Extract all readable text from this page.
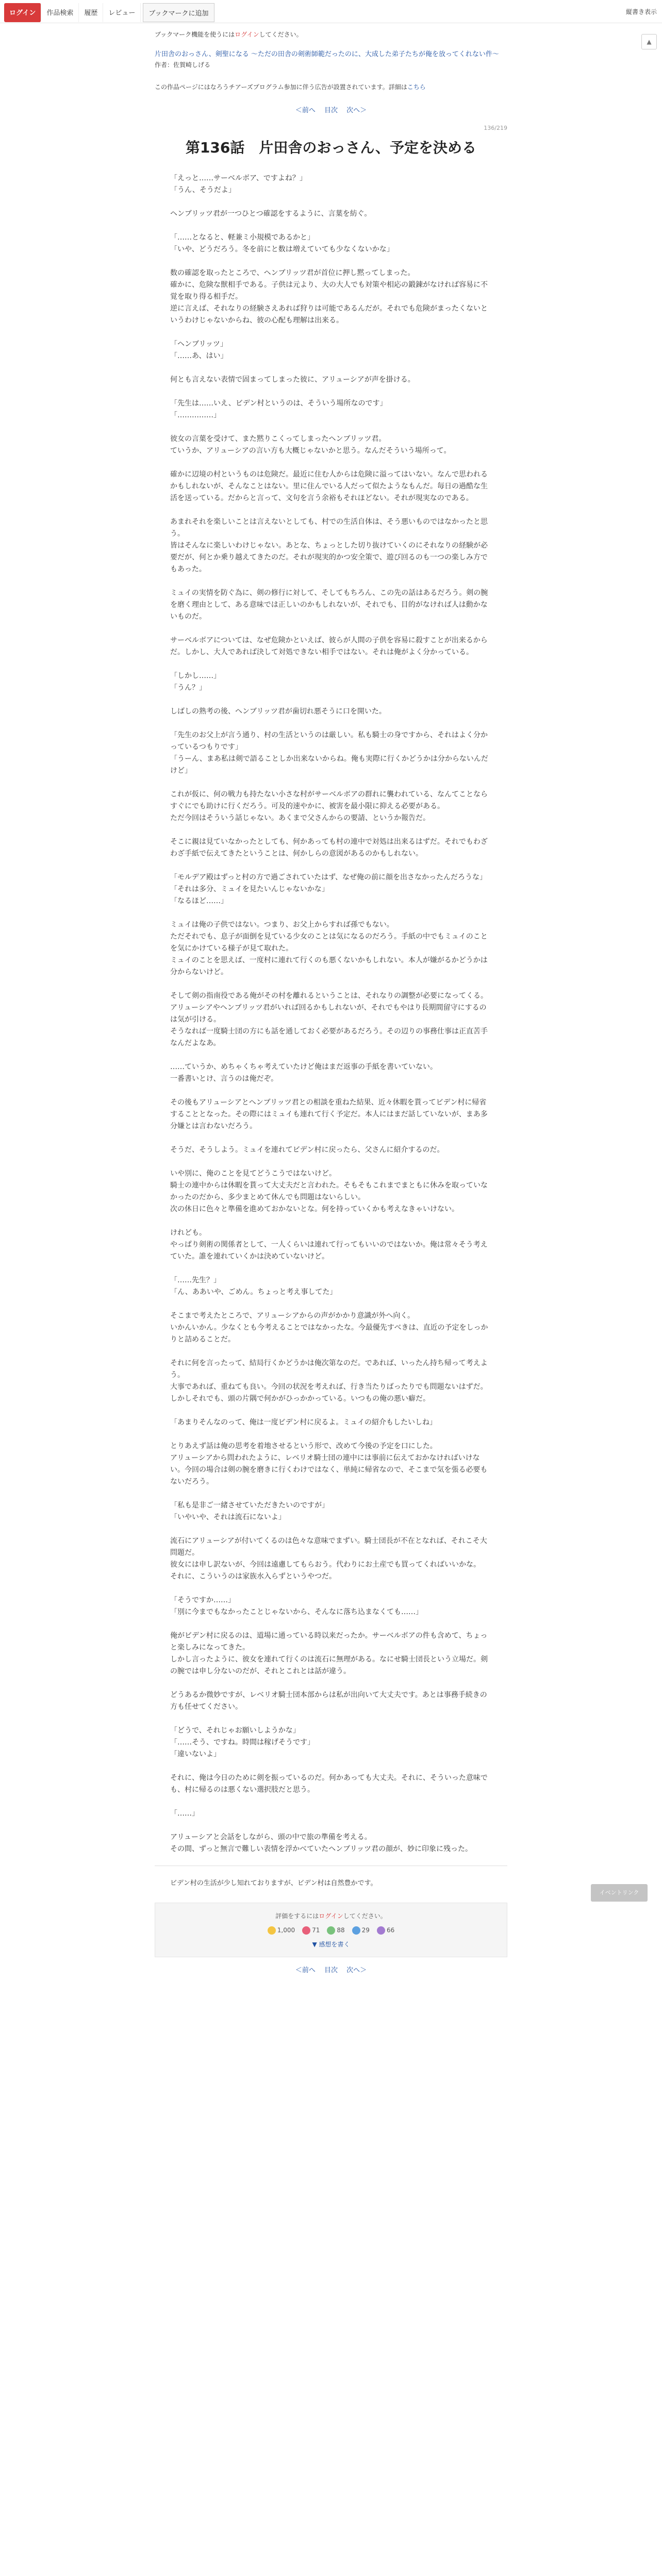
ログイン	作品検索	履歴	レビュー	ブックマークに追加	縦書き表示
▲
ブックマーク機能を使うにはログインしてください。
片田舎のおっさん、剣聖になる ～ただの田舎の剣術師範だったのに、大成した弟子たちが俺を放ってくれない件～
作者：佐賀崎しげる
この作品ページにはなろうチアーズプログラム参加に伴う広告が設置されています。詳細はこちら
＜前へ　 目次　 次へ＞
136/219
第136話　片田舎のおっさん、予定を決める

「えっと……サーベルボア、ですよね？」

「うん、そうだよ」

ヘンブリッツ君が一つひとつ確認をするように、言葉を紡ぐ。

「……となると、軽兼ミ小規模であるかと」

「いや、どうだろう。冬を前にと数は増えていても少なくないかな」

数の確認を取ったところで、ヘンブリッツ君が首位に押し黙ってしまった。

確かに、危険な獣相手である。子供は元より、大の大人でも対策や相応の鍛錬がなければ容易に不覚を取り得る相手だ。

逆に言えば、それなりの経験さえあれば狩りは可能であるんだが。それでも危険がまったくないというわけじゃないからね、彼の心配も理解は出来る。

「ヘンブリッツ」

「……あ、はい」

何とも言えない表情で固まってしまった彼に、アリューシアが声を掛ける。

「先生は……いえ、ビデン村というのは、そういう場所なのです」

「……………」

彼女の言葉を受けて、また黙りこくってしまったヘンブリッツ君。

ていうか、アリューシアの言い方も大概じゃないかと思う。なんだそういう場所って。

確かに辺境の村というものは危険だ。最近に住む人からは危険に溢ってはいない。なんで思われるかもしれないが、そんなことはない。里に住んでいる人だって似たようなもんだ。毎日の過酷な生活を送っている。だからと言って、文句を言う余裕もそれほどない。それが現実なのである。

あまれそれを楽しいことは言えないとしても、村での生活自体は、そう悪いものではなかったと思う。

皆はそんなに楽しいわけじゃない。あとな、ちょっとした切り抜けていくのにそれなりの経験が必要だが、何とか乗り越えてきたのだ。それが現実的かつ安全策で、遊び回るのも一つの楽しみ方でもあった。

ミュイの実情を防ぐ為に、剣の修行に対して、そしてもちろん、この先の話はあるだろう。剣の腕を磨く理由として、ある意味では正しいのかもしれないが、それでも、目的がなければ人は動かないものだ。

サーベルボアについては、なぜ危険かといえば、彼らが人間の子供を容易に殺すことが出来るからだ。しかし、大人であれば決して対処できない相手ではない。それは俺がよく分かっている。

「しかし……」

「うん？」

しばしの熟考の後、ヘンブリッツ君が歯切れ悪そうに口を開いた。

「先生のお父上が言う通り、村の生活というのは厳しい。私も騎士の身ですから、それはよく分かっているつもりです」

「うーん、まあ私は剣で語ることしか出来ないからね。俺も実際に行くかどうかは分からないんだけど」

これが仮に、何の戦力も持たない小さな村がサーベルボアの群れに襲われている、なんてことならすぐにでも助けに行くだろう。可及的速やかに、被害を最小限に抑える必要がある。

ただ今回はそういう話じゃない。あくまで父さんからの要請、というか報告だ。

そこに親は見ていなかったとしても、何かあっても村の連中で対処は出来るはずだ。それでもわざわざ手紙で伝えてきたということは、何かしらの意図があるのかもしれない。

「モルデア殿はずっと村の方で過ごされていたはず、なぜ俺の前に顔を出さなかったんだろうな」

「それは多分、ミュイを見たいんじゃないかな」

「なるほど……」

ミュイは俺の子供ではない。つまり、お父上からすれば孫でもない。

ただそれでも、息子が面倒を見ている少女のことは気になるのだろう。手紙の中でもミュイのことを気にかけている様子が見て取れた。

ミュイのことを思えば、一度村に連れて行くのも悪くないかもしれない。本人が嫌がるかどうかは分からないけど。

そして剣の指南役である俺がその村を離れるということは、それなりの調整が必要になってくる。アリューシアやヘンブリッツ君がいれば回るかもしれないが、それでもやはり長期間留守にするのは気が引ける。

そうなれば一度騎士団の方にも話を通しておく必要があるだろう。その辺りの事務仕事は正直苦手なんだよなあ。

……ていうか、めちゃくちゃ考えていたけど俺はまだ返事の手紙を書いていない。

一番書いとけ、言うのは俺だぞ。

その後もアリューシアとヘンブリッツ君との相談を重ねた結果、近々休暇を貰ってビデン村に帰省することとなった。その際にはミュイも連れて行く予定だ。本人にはまだ話していないが、まあ多分嫌とは言わないだろう。

そうだ、そうしよう。ミュイを連れてビデン村に戻ったら、父さんに紹介するのだ。

いや別に、俺のことを見てどうこうではないけど。

騎士の連中からは休暇を貰って大丈夫だと言われた。そもそもこれまでまともに休みを取っていなかったのだから、多少まとめて休んでも問題はないらしい。

次の休日に色々と準備を進めておかないとな。何を持っていくかも考えなきゃいけない。

けれども。

やっぱり剣術の関係者として、一人くらいは連れて行ってもいいのではないか。俺は常々そう考えていた。誰を連れていくかは決めていないけど。

「……先生？」

「ん、ああいや、ごめん。ちょっと考え事してた」

そこまで考えたところで、アリューシアからの声がかかり意識が外へ向く。

いかんいかん。少なくとも今考えることではなかったな。今最優先すべきは、直近の予定をしっかりと詰めることだ。

それに何を言ったって、結局行くかどうかは俺次第なのだ。であれば、いったん持ち帰って考えよう。

大事であれば、重ねても良い。今回の状況を考えれば、行き当たりばったりでも問題ないはずだ。

しかしそれでも、頭の片隅で何かがひっかかっている。いつもの俺の悪い癖だ。

「あまりそんなのって、俺は一度ビデン村に戻るよ。ミュイの紹介もしたいしね」

とりあえず話は俺の思考を着地させるという形で、改めて今後の予定を口にした。

アリューシアから問われたように、レベリオ騎士団の連中には事前に伝えておかなければいけない。今回の場合は剣の腕を磨きに行くわけではなく、単純に帰省なので、そこまで気を張る必要もないだろう。

「私も是非ご一緒させていただきたいのですが」

「いやいや、それは流石にないよ」

流石にアリューシアが付いてくるのは色々な意味でまずい。騎士団長が不在となれば、それこそ大問題だ。

彼女には申し訳ないが、今回は遠慮してもらおう。代わりにお土産でも買ってくればいいかな。

それに、こういうのは家族水入らずというやつだ。

「そうですか……」

「別に今までもなかったことじゃないから、そんなに落ち込まなくても……」

俺がビデン村に戻るのは、道場に通っている時以来だったか。サーベルボアの件も含めて、ちょっと楽しみになってきた。

しかし言ったように、彼女を連れて行くのは流石に無理がある。なにせ騎士団長という立場だ。剣の腕では申し分ないのだが、それとこれとは話が違う。

どうあるか微妙ですが、レベリオ騎士団本部からは私が出向いて大丈夫です。あとは事務手続きの方も任せてください。

「どうで、それじゃお願いしようかな」

「……そう、ですね。時間は稼げそうです」

「違いないよ」

それに、俺は今日のために剣を振っているのだ。何かあっても大丈夫。それに、そういった意味でも、村に帰るのは悪くない選択肢だと思う。

「……」

アリューシアと会話をしながら、頭の中で旅の準備を考える。

その間、ずっと無言で難しい表情を浮かべていたヘンブリッツ君の顔が、妙に印象に残った。

ビデン村の生活が少し知れておりますが、ビデン村は自然豊かです。
評価をするにはログインしてください。
1,000	71	88	29	66
▼ 感想を書く
＜前へ　 目次　 次へ＞
イベントリンク
